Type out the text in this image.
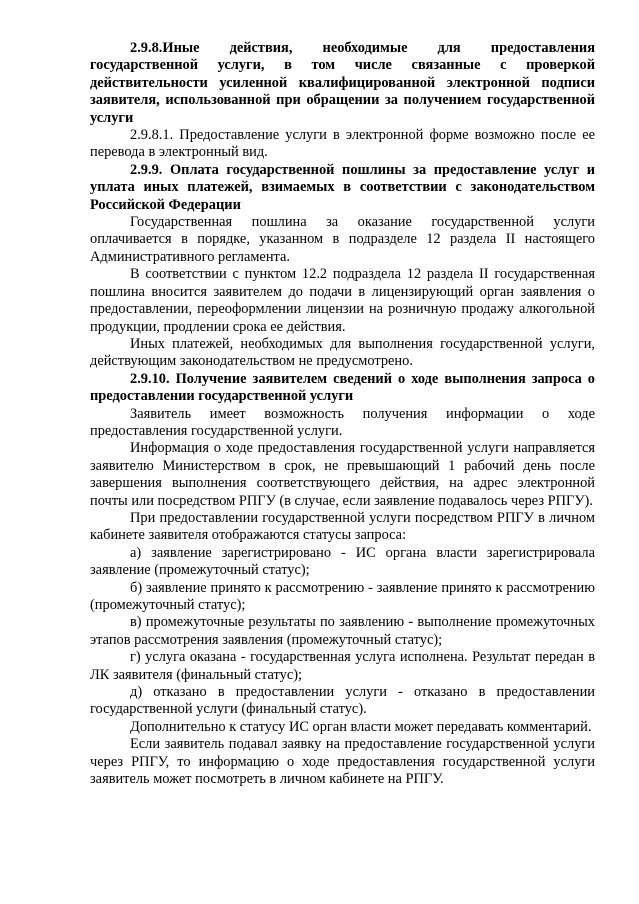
2.9.8.Иные действия, необходимые для предоставления государственной услуги, в том числе связанные с проверкой действительности усиленной квалифицированной электронной подписи заявителя, использованной при обращении за получением государственной услуги

2.9.8.1. Предоставление услуги в электронной форме возможно после ее перевода в электронный вид.

2.9.9. Оплата государственной пошлины за предоставление услуг и уплата иных платежей, взимаемых в соответствии с законодательством Российской Федерации

Государственная пошлина за оказание государственной услуги оплачивается в порядке, указанном в подразделе 12 раздела II настоящего Административного регламента.

В соответствии с пунктом 12.2 подраздела 12 раздела II государственная пошлина вносится заявителем до подачи в лицензирующий орган заявления о предоставлении, переоформлении лицензии на розничную продажу алкогольной продукции, продлении срока ее действия.

Иных платежей, необходимых для выполнения государственной услуги, действующим законодательством не предусмотрено.

2.9.10. Получение заявителем сведений о ходе выполнения запроса о предоставлении государственной услуги

Заявитель имеет возможность получения информации о ходе предоставления государственной услуги.

Информация о ходе предоставления государственной услуги направляется заявителю Министерством в срок, не превышающий 1 рабочий день после завершения выполнения соответствующего действия, на адрес электронной почты или посредством РПГУ (в случае, если заявление подавалось через РПГУ).

При предоставлении государственной услуги посредством РПГУ в личном кабинете заявителя отображаются статусы запроса:

а) заявление зарегистрировано - ИС органа власти зарегистрировала заявление (промежуточный статус);

б) заявление принято к рассмотрению - заявление принято к рассмотрению (промежуточный статус);

в) промежуточные результаты по заявлению - выполнение промежуточных этапов рассмотрения заявления (промежуточный статус);

г) услуга оказана - государственная услуга исполнена. Результат передан в ЛК заявителя (финальный статус);

д) отказано в предоставлении услуги - отказано в предоставлении государственной услуги (финальный статус).

Дополнительно к статусу ИС орган власти может передавать комментарий.

Если заявитель подавал заявку на предоставление государственной услуги через РПГУ, то информацию о ходе предоставления государственной услуги заявитель может посмотреть в личном кабинете на РПГУ.
